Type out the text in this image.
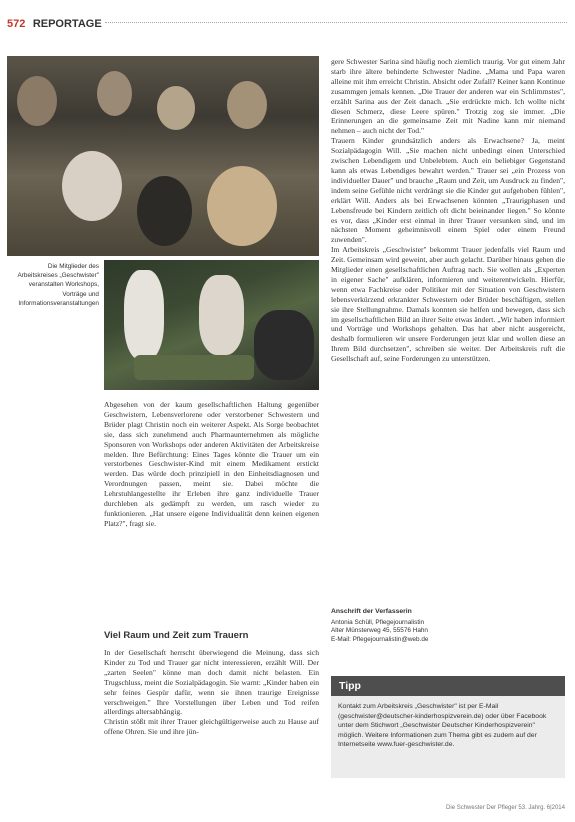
572 REPORTAGE
Die Mitglieder des Arbeitskreises „Geschwister" veranstalten Workshops, Vorträge und Informationsveranstaltungen

Abgesehen von der kaum gesellschaftlichen Haltung gegenüber Geschwistern, Lebensverlorene oder verstorbener Schwestern und Brüder plagt Christin noch ein weiterer Aspekt. Als Sorge beobachtet sie, dass sich zunehmend auch Pharmaunternehmen als mögliche Sponsoren von Workshops oder anderen Aktivitäten der Arbeitskreise melden. Ihre Befürchtung: Eines Tages könnte die Trauer um ein verstorbenes Geschwister-Kind mit einem Medikament erstickt werden. Das würde doch prinzipiell in den Einheitsdiagnosen und Verordnungen passen, meint sie. Dabei möchte die Lehrstuhlangestellte ihr Erleben ihre ganz individuelle Trauer durchleben als gedämpft zu werden, um rasch wieder zu funktionieren. „Hat unsere eigene Individualität denn keinen eigenen Platz?", fragt sie.

Viel Raum und Zeit zum Trauern

In der Gesellschaft herrscht überwiegend die Meinung, dass sich Kinder zu Tod und Trauer gar nicht interessieren, erzählt Will. Der „zarten Seelen" könne man doch damit nicht belasten. Ein Trugschluss, meint die Sozialpädagogin. Sie warnt: „Kinder haben ein sehr feines Gespür dafür, wenn sie ihnen traurige Ereignisse verschweigen." Ihre Vorstellungen über Leben und Tod reifen allerdings altersabhängig.

Christin stößt mit ihrer Trauer gleichgültigerweise auch zu Hause auf offene Ohren. Sie und ihre jün-

gere Schwester Sarina sind häufig noch ziemlich traurig. Vor gut einem Jahr starb ihre ältere behinderte Schwester Nadine. „Mama und Papa waren alleine mit ihm erreicht Christin. Absicht oder Zufall? Keiner kann Kontinue zusammgen jemals kennen. „Die Trauer der anderen war ein Schlimmstes", erzählt Sarina aus der Zeit danach. „Sie erdrückte mich. Ich wollte nicht diesen Schmerz, diese Leere spüren." Trotzig zog sie immer. „Die Erinnerungen an die gemeinsame Zeit mit Nadine kann mir niemand nehmen – auch nicht der Tod."

Trauern Kinder grundsätzlich anders als Erwachsene? Ja, meint Sozialpädagogin Will. „Sie machen nicht unbedingt einen Unterschied zwischen Lebendigem und Unbelebtem. Auch ein beliebiger Gegenstand kann als etwas Lebendiges bewahrt werden." Trauer sei „ein Prozess von individueller Dauer" und brauche „Raum und Zeit, um Ausdruck zu finden", indem seine Gefühle nicht verdrängt sie die Kinder gut aufgehoben fühlen", erklärt Will. Anders als bei Erwachsenen könnten „Traurigphasen und Lebensfreude bei Kindern zeitlich oft dicht beieinander liegen." So könnte es vor, dass „Kinder erst einmal in ihrer Trauer versunken sind, und im nächsten Moment geheimnisvoll einem Spiel oder einem Freund zuwenden".

Im Arbeitskreis „Geschwister" bekommt Trauer jedenfalls viel Raum und Zeit. Gemeinsam wird geweint, aber auch gelacht. Darüber hinaus gehen die Mitglieder einen gesellschaftlichen Auftrag nach. Sie wollen als „Experten in eigener Sache" aufklären, informieren und weiterentwickeln. Hierfür, wenn etwa Fachkreise oder Politiker mit der Situation von Geschwistern lebensverkürzend erkrankter Schwestern oder Brüder beschäftigen, stellen sie ihre Stellungnahme. Damals konnten sie helfen und bewegen, dass sich im gesellschaftlichen Bild an ihrer Seite etwas ändert. „Wir haben informiert und Vorträge und Workshops gehalten. Das hat aber nicht ausgereicht, deshalb formulieren wir unsere Forderungen jetzt klar und wollen diese an Ihrem Bild durchsetzen", schreiben sie weiter. Der Arbeitskreis ruft die Gesellschaft auf, seine Forderungen zu unterstützen.

Anschrift der Verfasserin
Antonia Schüll, Pflegejournalistin
Alter Münsterweg 45, 55576 Hahn
E-Mail: Pflegejournalistin@web.de
Tipp
Kontakt zum Arbeitskreis „Geschwister" ist per E-Mail (geschwister@deutscher-kinderhospizverein.de) oder über Facebook unter dem Stichwort „Geschwister Deutscher Kinderhospizverein" möglich. Weitere Informationen zum Thema gibt es zudem auf der Internetseite www.fuer-geschwister.de.
Die Schwester Der Pfleger 53. Jahrg. 6|2014
